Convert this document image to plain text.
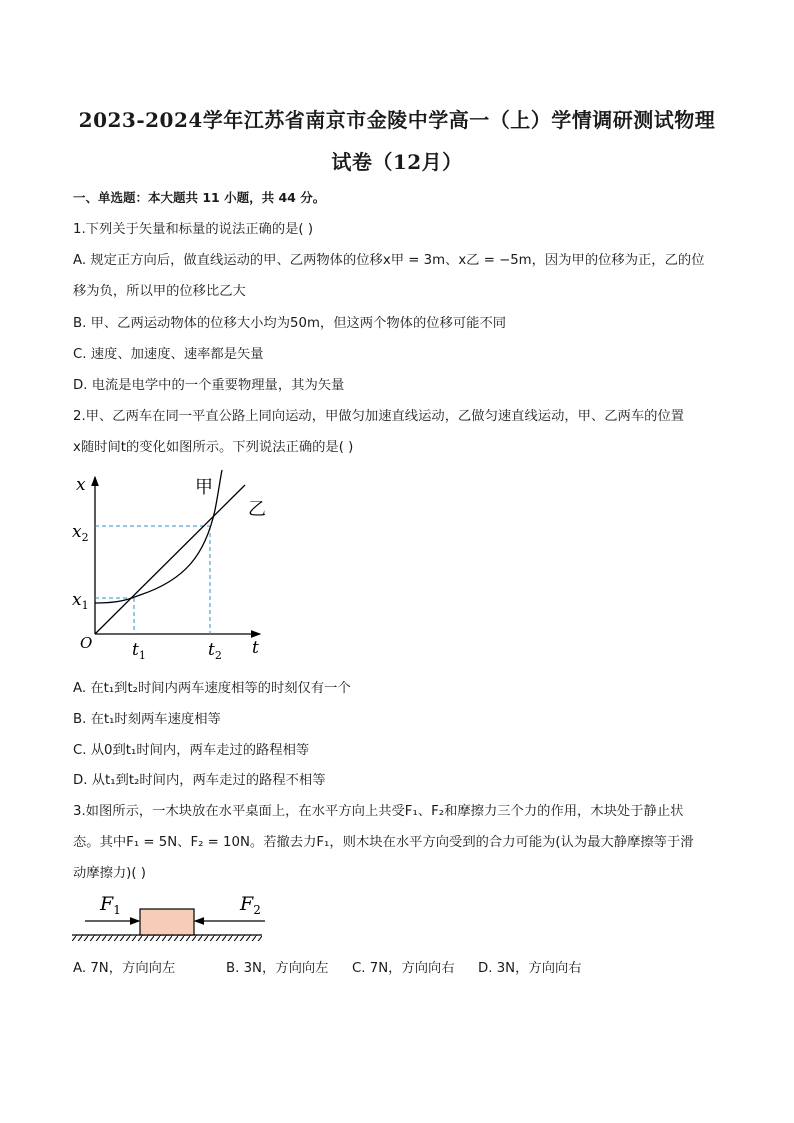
2023-2024学年江苏省南京市金陵中学高一（上）学情调研测试物理
试卷（12月）
一、单选题：本大题共 11 小题，共 44 分。
1.下列关于矢量和标量的说法正确的是( )
A. 规定正方向后，做直线运动的甲、乙两物体的位移x甲 = 3m、x乙 = −5m，因为甲的位移为正，乙的位
移为负，所以甲的位移比乙大
B. 甲、乙两运动物体的位移大小均为50m，但这两个物体的位移可能不同
C. 速度、加速度、速率都是矢量
D. 电流是电学中的一个重要物理量，其为矢量
2.甲、乙两车在同一平直公路上同向运动，甲做匀加速直线运动，乙做匀速直线运动，甲、乙两车的位置
x随时间t的变化如图所示。下列说法正确的是( )
x
t
O
$x_2$
$x_1$
$t_1$	$t_2$
甲
乙
A. 在t₁到t₂时间内两车速度相等的时刻仅有一个
B. 在t₁时刻两车速度相等
C. 从0到t₁时间内，两车走过的路程相等
D. 从t₁到t₂时间内，两车走过的路程不相等
3.如图所示，一木块放在水平桌面上，在水平方向上共受F₁、F₂和摩擦力三个力的作用，木块处于静止状
态。其中F₁ = 5N、F₂ = 10N。若撤去力F₁，则木块在水平方向受到的合力可能为(认为最大静摩擦等于滑
动摩擦力)( )
$F_1$	$F_2$
A. 7N，方向向左	B. 3N，方向向左 C. 7N，方向向右 D. 3N，方向向右
